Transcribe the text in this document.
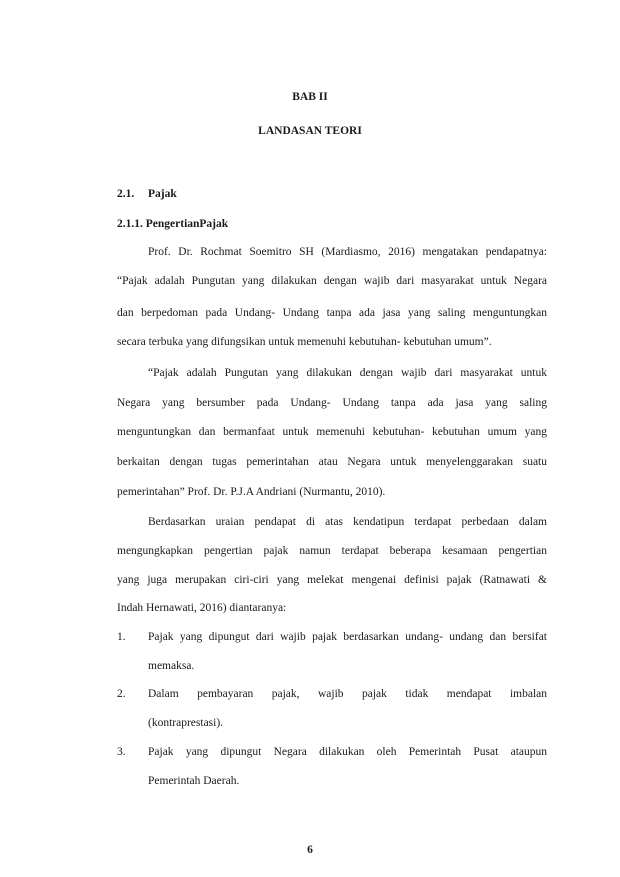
BAB II
LANDASAN TEORI
2.1. Pajak
2.1.1. PengertianPajak
Prof. Dr. Rochmat Soemitro SH (Mardiasmo, 2016) mengatakan pendapatnya:
“Pajak adalah Pungutan yang dilakukan dengan wajib dari masyarakat untuk Negara
dan berpedoman pada Undang- Undang tanpa ada jasa yang saling menguntungkan
secara terbuka yang difungsikan untuk memenuhi kebutuhan- kebutuhan umum”.
“Pajak adalah Pungutan yang dilakukan dengan wajib dari masyarakat untuk
Negara yang bersumber pada Undang- Undang tanpa ada jasa yang saling
menguntungkan dan bermanfaat untuk memenuhi kebutuhan- kebutuhan umum yang
berkaitan dengan tugas pemerintahan atau Negara untuk menyelenggarakan suatu
pemerintahan” Prof. Dr. P.J.A Andriani (Nurmantu, 2010).
Berdasarkan uraian pendapat di atas kendatipun terdapat perbedaan dalam
mengungkapkan pengertian pajak namun terdapat beberapa kesamaan pengertian
yang juga merupakan ciri-ciri yang melekat mengenai definisi pajak (Ratnawati &
Indah Hernawati, 2016) diantaranya:
1. Pajak yang dipungut dari wajib pajak berdasarkan undang- undang dan bersifat
memaksa.
2. Dalam pembayaran pajak, wajib pajak tidak mendapat imbalan
(kontraprestasi).
3. Pajak yang dipungut Negara dilakukan oleh Pemerintah Pusat ataupun
Pemerintah Daerah.
6
